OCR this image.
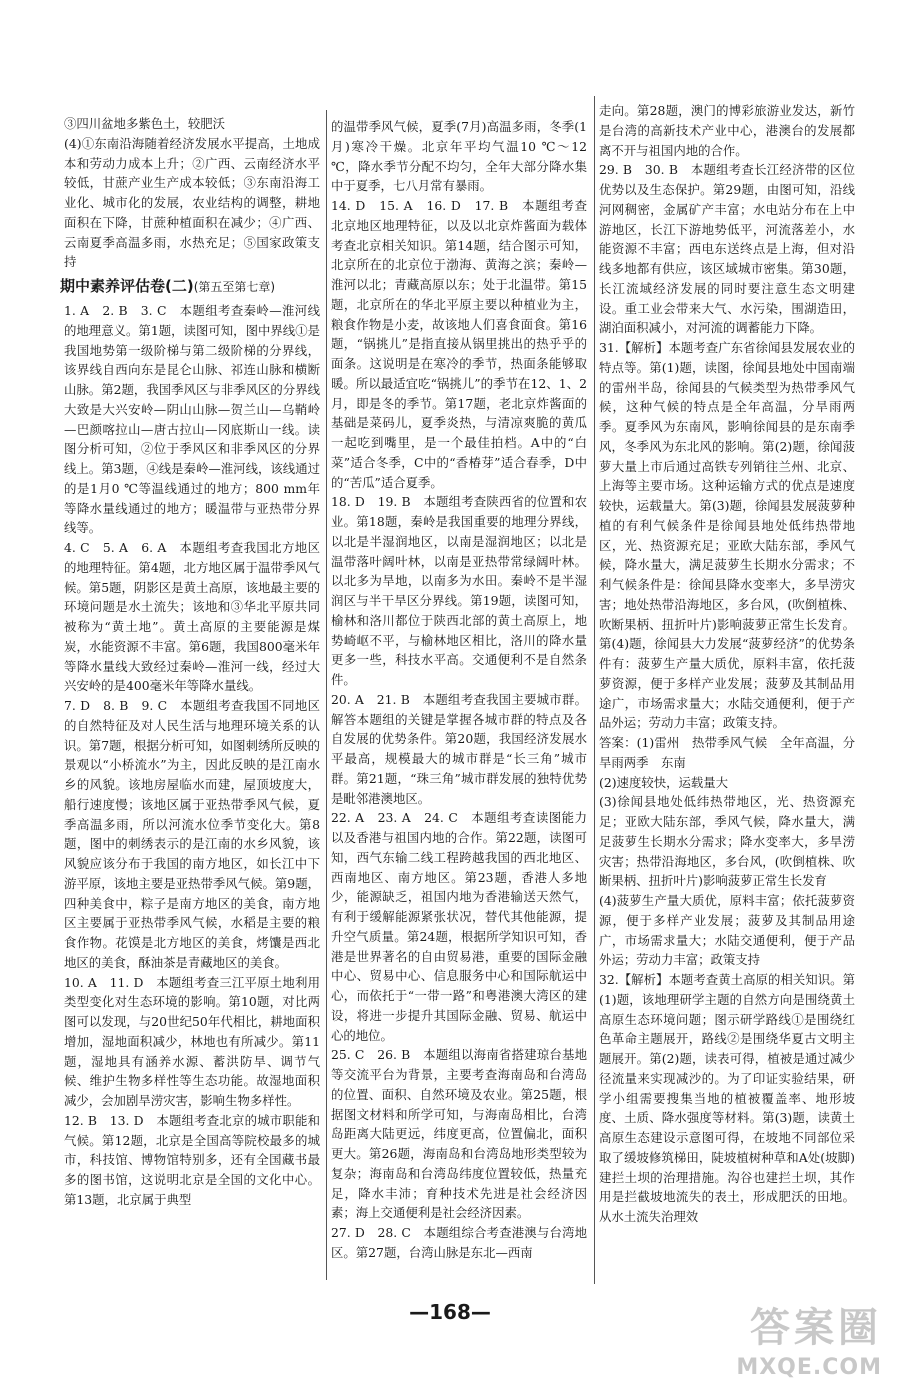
③四川盆地多紫色土，较肥沃

(4)①东南沿海随着经济发展水平提高，土地成本和劳动力成本上升；②广西、云南经济水平较低，甘蔗产业生产成本较低；③东南沿海工业化、城市化的发展，农业结构的调整，耕地面积在下降，甘蔗种植面积在减少；④广西、云南夏季高温多雨，水热充足；⑤国家政策支持

期中素养评估卷(二)(第五至第七章)

1. A　2. B　3. C　本题组考查秦岭—淮河线的地理意义。第1题，读图可知，图中界线①是我国地势第一级阶梯与第二级阶梯的分界线，该界线自西向东是昆仑山脉、祁连山脉和横断山脉。第2题，我国季风区与非季风区的分界线大致是大兴安岭—阴山山脉—贺兰山—乌鞘岭—巴颜喀拉山—唐古拉山—冈底斯山一线。读图分析可知，②位于季风区和非季风区的分界线上。第3题，④线是秦岭—淮河线，该线通过的是1月0 ℃等温线通过的地方；800 mm年等降水量线通过的地方；暖温带与亚热带分界线等。

4. C　5. A　6. A　本题组考查我国北方地区的地理特征。第4题，北方地区属于温带季风气候。第5题，阴影区是黄土高原，该地最主要的环境问题是水土流失；该地和③华北平原共同被称为“黄土地”。黄土高原的主要能源是煤炭，水能资源不丰富。第6题，我国800毫米年等降水量线大致经过秦岭—淮河一线，经过大兴安岭的是400毫米年等降水量线。

7. D　8. B　9. C　本题组考查我国不同地区的自然特征及对人民生活与地理环境关系的认识。第7题，根据分析可知，如图刺绣所反映的景观以“小桥流水”为主，因此反映的是江南水乡的风貌。该地房屋临水而建，屋顶坡度大，船行速度慢；该地区属于亚热带季风气候，夏季高温多雨，所以河流水位季节变化大。第8题，图中的刺绣表示的是江南的水乡风貌，该风貌应该分布于我国的南方地区，如长江中下游平原，该地主要是亚热带季风气候。第9题，四种美食中，粽子是南方地区的美食，南方地区主要属于亚热带季风气候，水稻是主要的粮食作物。花馍是北方地区的美食，烤馕是西北地区的美食，酥油茶是青藏地区的美食。

10. A　11. D　本题组考查三江平原土地利用类型变化对生态环境的影响。第10题，对比两图可以发现，与20世纪50年代相比，耕地面积增加，湿地面积减少，林地也有所减少。第11题，湿地具有涵养水源、蓄洪防旱、调节气候、维护生物多样性等生态功能。故湿地面积减少，会加剧旱涝灾害，影响生物多样性。

12. B　13. D　本题组考查北京的城市职能和气候。第12题，北京是全国高等院校最多的城市，科技馆、博物馆特别多，还有全国藏书最多的图书馆，这说明北京是全国的文化中心。第13题，北京属于典型

的温带季风气候，夏季(7月)高温多雨，冬季(1月)寒冷干燥。北京年平均气温10 ℃～12 ℃，降水季节分配不均匀，全年大部分降水集中于夏季，七八月常有暴雨。

14. D　15. A　16. D　17. B　本题组考查北京地区地理特征，以及以北京炸酱面为载体考查北京相关知识。第14题，结合图示可知，北京所在的北京位于渤海、黄海之滨；秦岭—淮河以北；青藏高原以东；处于北温带。第15题，北京所在的华北平原主要以种植业为主，粮食作物是小麦，故该地人们喜食面食。第16题，“锅挑儿”是指直接从锅里挑出的热乎乎的面条。这说明是在寒冷的季节，热面条能够取暖。所以最适宜吃“锅挑儿”的季节在12、1、2月，即是冬的季节。第17题，老北京炸酱面的基础是菜码儿，夏季炎热，与清凉爽脆的黄瓜一起吃到嘴里，是一个最佳拍档。A中的“白菜”适合冬季，C中的“香椿芽”适合春季，D中的“苦瓜”适合夏季。

18. D　19. B　本题组考查陕西省的位置和农业。第18题，秦岭是我国重要的地理分界线，以北是半湿润地区，以南是湿润地区；以北是温带落叶阔叶林，以南是亚热带常绿阔叶林。以北多为旱地，以南多为水田。秦岭不是半湿润区与半干旱区分界线。第19题，读图可知，榆林和洛川都位于陕西北部的黄土高原上，地势崎岖不平，与榆林地区相比，洛川的降水量更多一些，科技水平高。交通便利不是自然条件。

20. A　21. B　本题组考查我国主要城市群。解答本题组的关键是掌握各城市群的特点及各自发展的优势条件。第20题，我国经济发展水平最高，规模最大的城市群是“长三角”城市群。第21题，“珠三角”城市群发展的独特优势是毗邻港澳地区。

22. A　23. A　24. C　本题组考查读图能力以及香港与祖国内地的合作。第22题，读图可知，西气东输二线工程跨越我国的西北地区、西南地区、南方地区。第23题，香港人多地少，能源缺乏，祖国内地为香港输送天然气，有利于缓解能源紧张状况，替代其他能源，提升空气质量。第24题，根据所学知识可知，香港是世界著名的自由贸易港，重要的国际金融中心、贸易中心、信息服务中心和国际航运中心，而依托于“一带一路”和粤港澳大湾区的建设，将进一步提升其国际金融、贸易、航运中心的地位。

25. C　26. B　本题组以海南省搭建琼台基地等交流平台为背景，主要考查海南岛和台湾岛的位置、面积、自然环境及农业。第25题，根据图文材料和所学可知，与海南岛相比，台湾岛距离大陆更远，纬度更高，位置偏北，面积更大。第26题，海南岛和台湾岛地形类型较为复杂；海南岛和台湾岛纬度位置较低，热量充足，降水丰沛；育种技术先进是社会经济因素；海上交通便利是社会经济因素。

27. D　28. C　本题组综合考查港澳与台湾地区。第27题，台湾山脉是东北—西南

走向。第28题，澳门的博彩旅游业发达，新竹是台湾的高新技术产业中心，港澳台的发展都离不开与祖国内地的合作。

29. B　30. B　本题组考查长江经济带的区位优势以及生态保护。第29题，由图可知，沿线河网稠密，金属矿产丰富；水电站分布在上中游地区，长江下游地势低平，河流落差小，水能资源不丰富；西电东送终点是上海，但对沿线多地都有供应，该区域城市密集。第30题，长江流域经济发展的同时要注意生态文明建设。重工业会带来大气、水污染，围湖造田，湖泊面积减小，对河流的调蓄能力下降。

31.【解析】本题考查广东省徐闻县发展农业的特点等。第(1)题，读图，徐闻县地处中国南端的雷州半岛，徐闻县的气候类型为热带季风气候，这种气候的特点是全年高温，分旱雨两季。夏季风为东南风，影响徐闻县的是东南季风，冬季风为东北风的影响。第(2)题，徐闻菠萝大量上市后通过高铁专列销往兰州、北京、上海等主要市场。这种运输方式的优点是速度较快，运载量大。第(3)题，徐闻县发展菠萝种植的有利气候条件是徐闻县地处低纬热带地区，光、热资源充足；亚欧大陆东部，季风气候，降水量大，满足菠萝生长期水分需求；不利气候条件是：徐闻县降水变率大，多旱涝灾害；地处热带沿海地区，多台风，(吹倒植株、吹断果柄、扭折叶片)影响菠萝正常生长发育。第(4)题，徐闻县大力发展“菠萝经济”的优势条件有：菠萝生产量大质优，原料丰富，依托菠萝资源，便于多样产业发展；菠萝及其制品用途广，市场需求量大；水陆交通便利，便于产品外运；劳动力丰富；政策支持。

答案：(1)雷州　热带季风气候　全年高温，分旱雨两季　东南

(2)速度较快，运载量大

(3)徐闻县地处低纬热带地区，光、热资源充足；亚欧大陆东部，季风气候，降水量大，满足菠萝生长期水分需求；降水变率大，多旱涝灾害；热带沿海地区，多台风，(吹倒植株、吹断果柄、扭折叶片)影响菠萝正常生长发育

(4)菠萝生产量大质优，原料丰富；依托菠萝资源，便于多样产业发展；菠萝及其制品用途广，市场需求量大；水陆交通便利，便于产品外运；劳动力丰富；政策支持

32.【解析】本题考查黄土高原的相关知识。第(1)题，该地理研学主题的自然方向是围绕黄土高原生态环境问题；图示研学路线①是围绕红色革命主题展开，路线②是围绕华夏古文明主题展开。第(2)题，读表可得，植被是通过减少径流量来实现减沙的。为了印证实验结果，研学小组需要搜集当地的植被覆盖率、地形坡度、土质、降水强度等材料。第(3)题，读黄土高原生态建设示意图可得，在坡地不同部位采取了缓坡修筑梯田，陡坡植树种草和A处(坡脚)建拦土坝的治理措施。沟谷也建拦土坝，其作用是拦截坡地流失的表土，形成肥沃的田地。从水土流失治理效

—168—	答案圈
MXQE.COM
